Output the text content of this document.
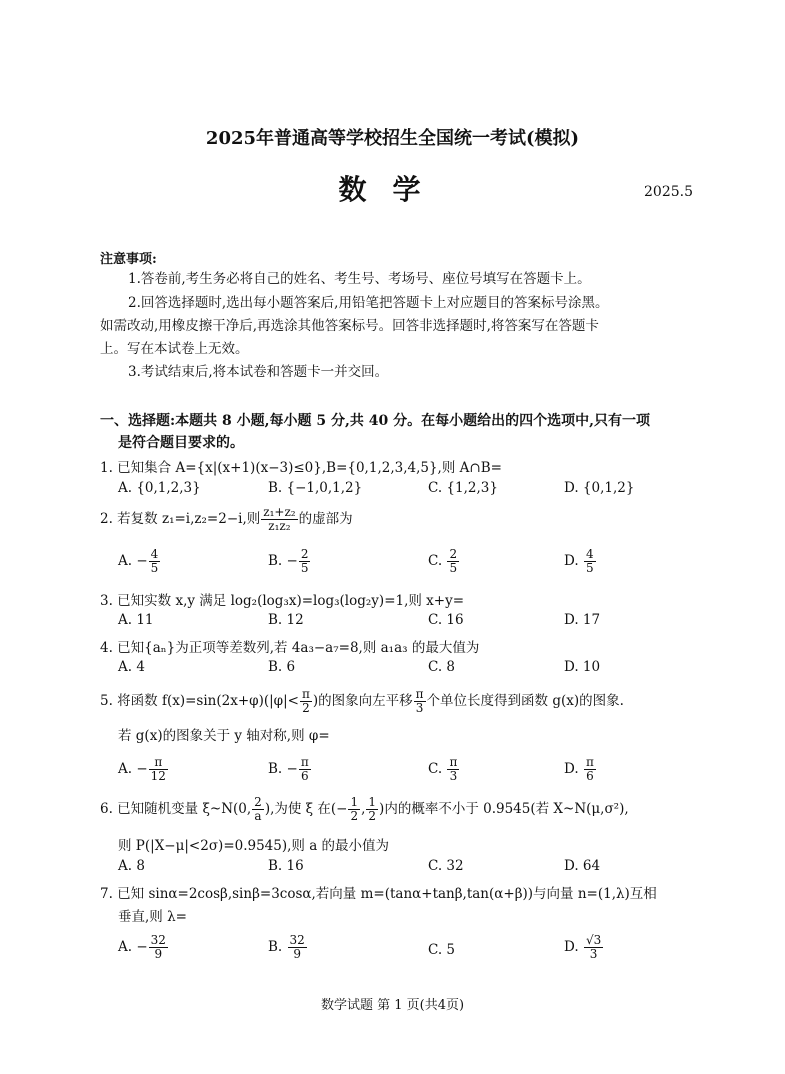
2025年普通高等学校招生全国统一考试(模拟)
数学	2025.5
注意事项:
1.答卷前,考生务必将自己的姓名、考生号、考场号、座位号填写在答题卡上。
2.回答选择题时,选出每小题答案后,用铅笔把答题卡上对应题目的答案标号涂黑。
如需改动,用橡皮擦干净后,再选涂其他答案标号。回答非选择题时,将答案写在答题卡
上。写在本试卷上无效。
3.考试结束后,将本试卷和答题卡一并交回。
一、选择题:本题共 8 小题,每小题 5 分,共 40 分。在每小题给出的四个选项中,只有一项
是符合题目要求的。
1. 已知集合 A={x|(x+1)(x−3)≤0},B={0,1,2,3,4,5},则 A∩B=
A. {0,1,2,3}	B. {−1,0,1,2}	C. {1,2,3}	D. {0,1,2}
2. 若复数 z₁=i,z₂=2−i,则 $\frac{\text{z₁+z₂}}{\text{z₁z₂}}$ 的虚部为
A. − $\frac{4}{5}$	B. − $\frac{2}{5}$	C. $\frac{2}{5}$	D. $\frac{4}{5}$
3. 已知实数 x,y 满足 log₂(log₃x)=log₃(log₂y)=1,则 x+y=
A. 11	B. 12	C. 16	D. 17
4. 已知{aₙ}为正项等差数列,若 4a₃−a₇=8,则 a₁a₃ 的最大值为
A. 4	B. 6	C. 8	D. 10
5. 将函数 $f(x)=\sin(2x+\varphi)(|\varphi|< \frac{\pi}{2}$ )的图象向左平移 $\frac{\pi}{3}$ 个单位长度得到函数 g(x)的图象.
若 g(x)的图象关于 y 轴对称,则 φ=
A. − $\frac{\pi}{12}$	B. − $\frac{\pi}{6}$	C. $\frac{\pi}{3}$	D. $\frac{\pi}{6}$
6. 已知随机变量 ξ~N(0, $\frac{2}{a}$ ),为使 ξ 在(− $\frac{1}{2}$ , $\frac{1}{2}$ )内的概率不小于 0.9545(若 X~N(μ,σ²),
则 P(|X−μ|<2σ)=0.9545),则 a 的最小值为
A. 8	B. 16	C. 32	D. 64
7. 已知 sinα=2cosβ,sinβ=3cosα,若向量 m=(tanα+tanβ,tan(α+β))与向量 n=(1,λ)互相
垂直,则 λ=
A. − $\frac{32}{9}$	B. $\frac{32}{9}$	C. 5	D. $\frac{√3}{3}$
数学试题 第 1 页(共4页)
